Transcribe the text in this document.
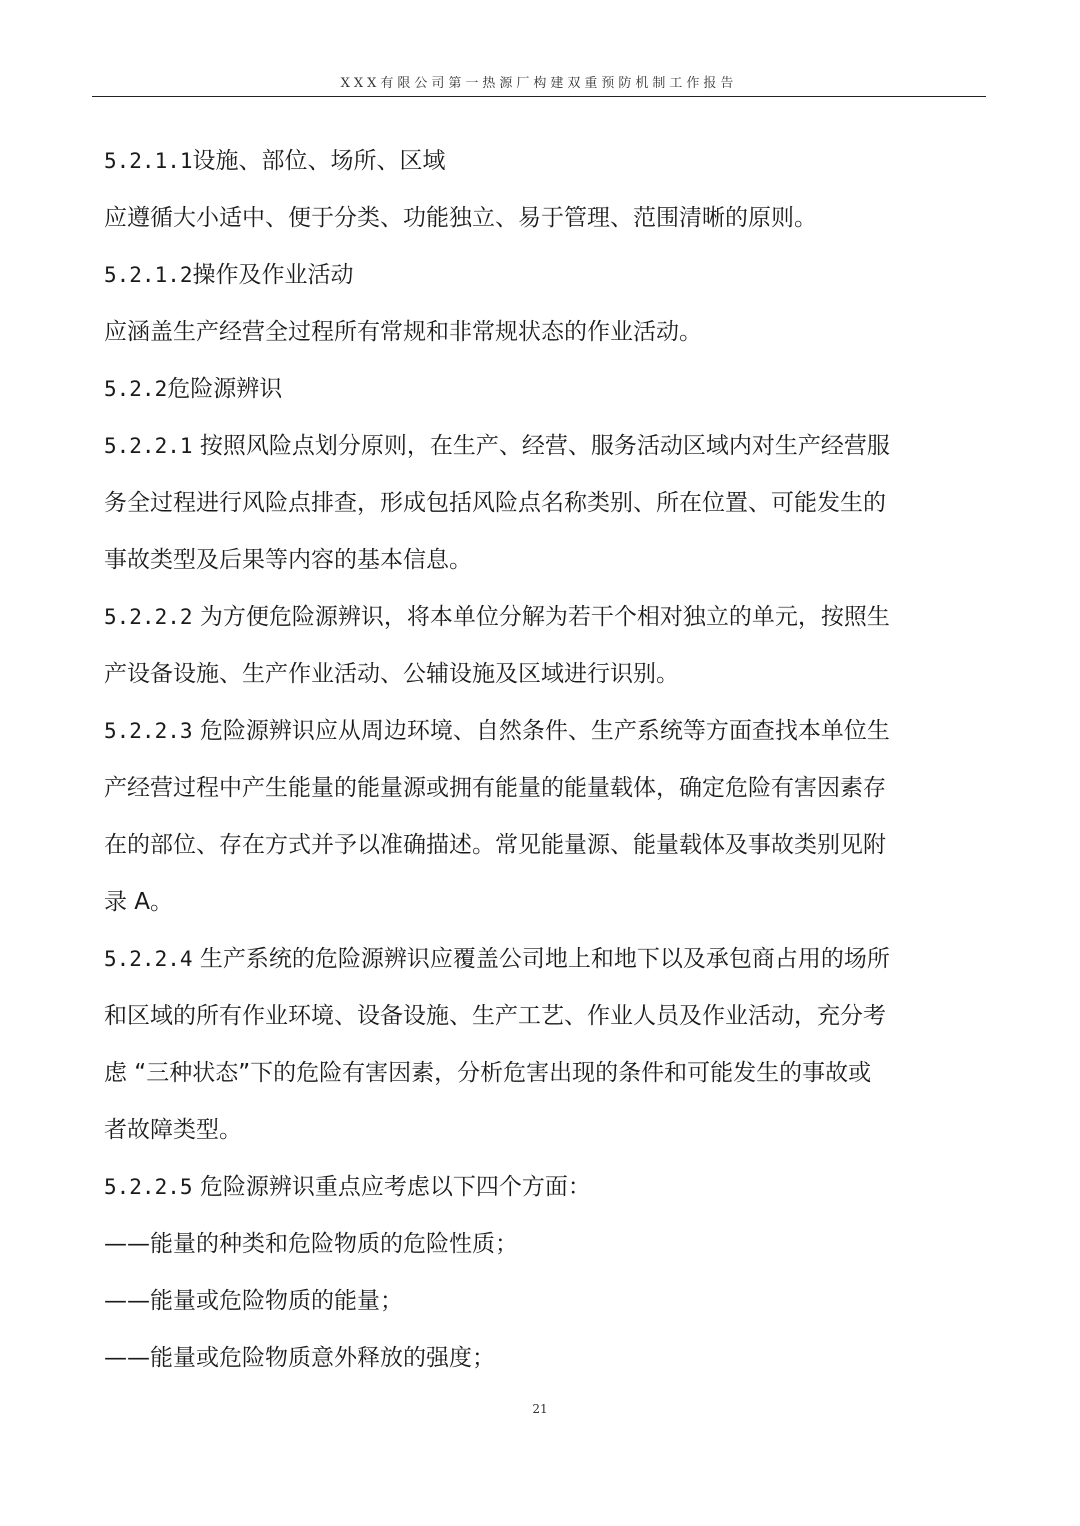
XXX有限公司第一热源厂构建双重预防机制工作报告
5.2.1.1设施、部位、场所、区域
应遵循大小适中、便于分类、功能独立、易于管理、范围清晰的原则。
5.2.1.2操作及作业活动
应涵盖生产经营全过程所有常规和非常规状态的作业活动。
5.2.2危险源辨识
5.2.2.1 按照风险点划分原则，在生产、经营、服务活动区域内对生产经营服
务全过程进行风险点排查，形成包括风险点名称类别、所在位置、可能发生的
事故类型及后果等内容的基本信息。
5.2.2.2 为方便危险源辨识，将本单位分解为若干个相对独立的单元，按照生
产设备设施、生产作业活动、公辅设施及区域进行识别。
5.2.2.3 危险源辨识应从周边环境、自然条件、生产系统等方面查找本单位生
产经营过程中产生能量的能量源或拥有能量的能量载体，确定危险有害因素存
在的部位、存在方式并予以准确描述。常见能量源、能量载体及事故类别见附
录 A。
5.2.2.4 生产系统的危险源辨识应覆盖公司地上和地下以及承包商占用的场所
和区域的所有作业环境、设备设施、生产工艺、作业人员及作业活动，充分考
虑 “三种状态”下的危险有害因素，分析危害出现的条件和可能发生的事故或
者故障类型。
5.2.2.5 危险源辨识重点应考虑以下四个方面：
——能量的种类和危险物质的危险性质；
——能量或危险物质的能量；
——能量或危险物质意外释放的强度；
21
